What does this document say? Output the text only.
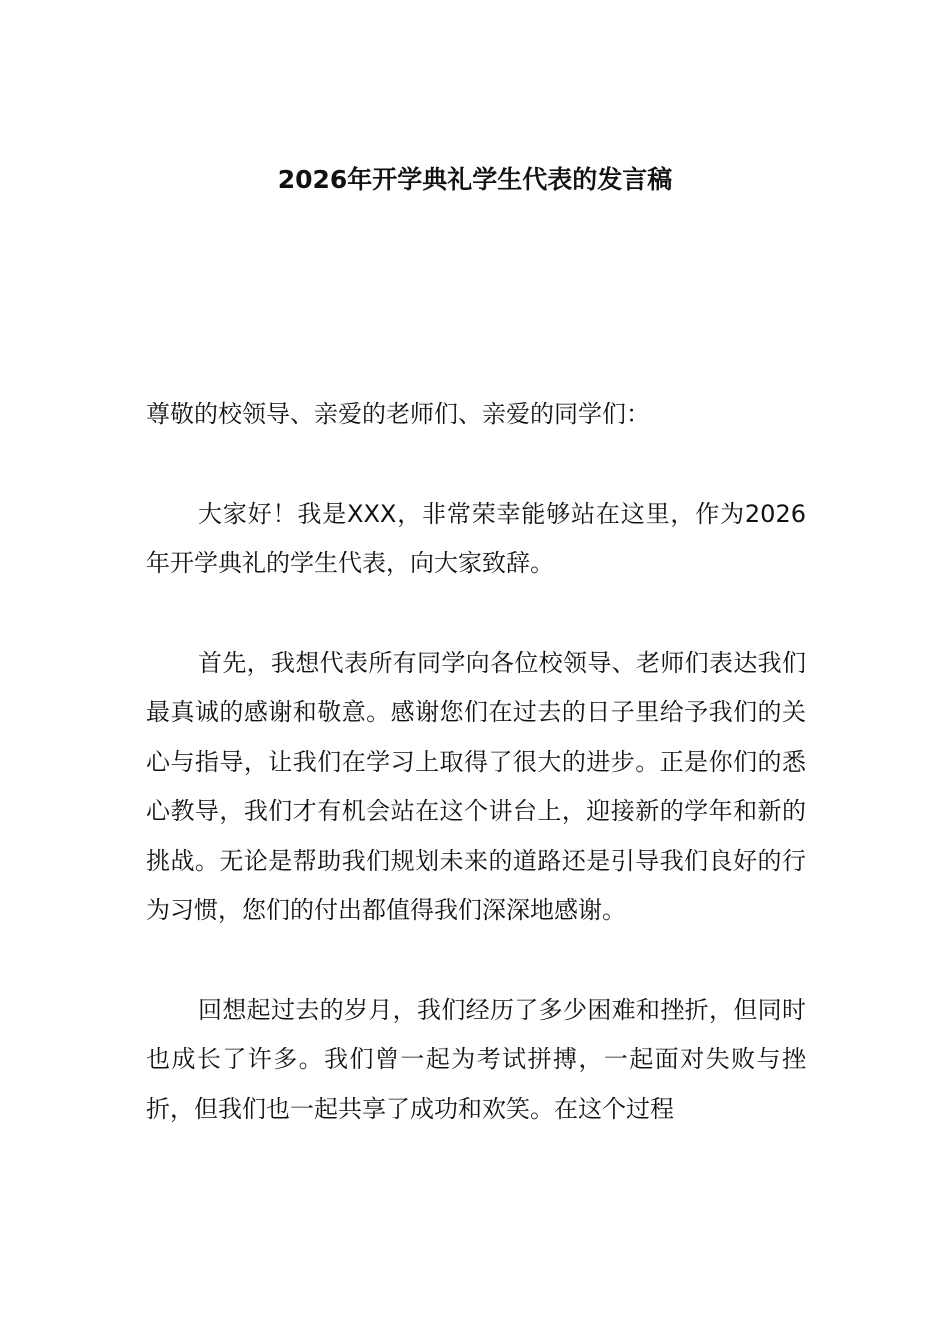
2026年开学典礼学生代表的发言稿

尊敬的校领导、亲爱的老师们、亲爱的同学们：

大家好！我是XXX，非常荣幸能够站在这里，作为2026年开学典礼的学生代表，向大家致辞。

首先，我想代表所有同学向各位校领导、老师们表达我们最真诚的感谢和敬意。感谢您们在过去的日子里给予我们的关心与指导，让我们在学习上取得了很大的进步。正是你们的悉心教导，我们才有机会站在这个讲台上，迎接新的学年和新的挑战。无论是帮助我们规划未来的道路还是引导我们良好的行为习惯，您们的付出都值得我们深深地感谢。

回想起过去的岁月，我们经历了多少困难和挫折，但同时也成长了许多。我们曾一起为考试拼搏，一起面对失败与挫折，但我们也一起共享了成功和欢笑。在这个过程
